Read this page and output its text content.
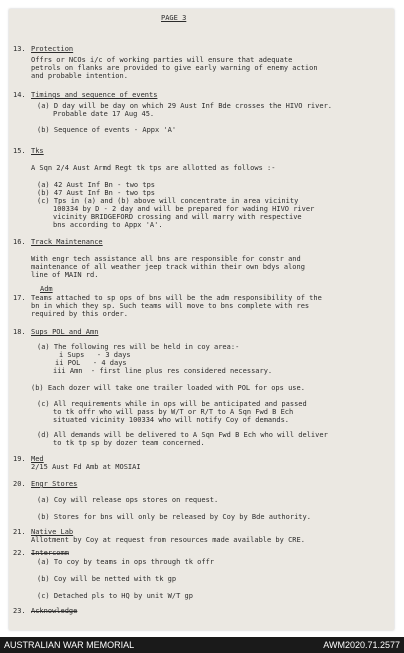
PAGE 3
13. Protection
Offrs or NCOs i/c of working parties will ensure that adequate
petrols on flanks are provided to give early warning of enemy action
and probable intention.
14. Timings and sequence of events
(a) D day will be day on which 29 Aust Inf Bde crosses the HIVO river.
Probable date 17 Aug 45.
(b) Sequence of events - Appx 'A'
15. Tks
A Sqn 2/4 Aust Armd Regt tk tps are allotted as follows :-
(a) 42 Aust Inf Bn - two tps
(b) 47 Aust Inf Bn - two tps
(c) Tps in (a) and (b) above will concentrate in area vicinity
100334 by D - 2 day and will be prepared for wading HIVO river
vicinity BRIDGEFORD crossing and will marry with respective
bns according to Appx 'A'.
16. Track Maintenance
With engr tech assistance all bns are responsible for constr and
maintenance of all weather jeep track within their own bdys along
line of MAIN rd.
Adm
17. Teams attached to sp ops of bns will be the adm responsibility of the
bn in which they sp. Such teams will move to bns complete with res
required by this order.
18. Sups POL and Amn
(a) The following res will be held in coy area:-
i Sups   - 3 days
ii POL   - 4 days
iii Amn  - first line plus res considered necessary.
(b) Each dozer will take one trailer loaded with POL for ops use.
(c) All requirements while in ops will be anticipated and passed
to tk offr who will pass by W/T or R/T to A Sqn Fwd B Ech
situated vicinity 100334 who will notify Coy of demands.
(d) All demands will be delivered to A Sqn Fwd B Ech who will deliver
to tk tp sp by dozer team concerned.
19. Med
2/15 Aust Fd Amb at MOSIAI
20. Engr Stores
(a) Coy will release ops stores on request.
(b) Stores for bns will only be released by Coy by Bde authority.
21. Native Lab
Allotment by Coy at request from resources made available by CRE.
22. Intercomm
(a) To coy by teams in ops through tk offr
(b) Coy will be netted with tk gp
(c) Detached pls to HQ by unit W/T gp
23. Acknowledge
AUSTRALIAN WAR MEMORIAL	AWM2020.71.2577
